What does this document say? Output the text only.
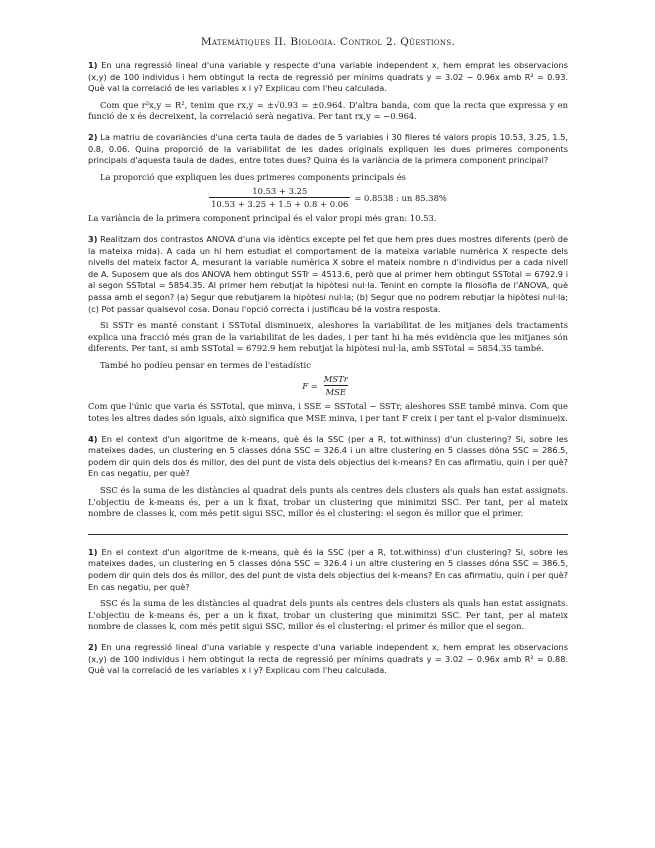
Matemàtiques II. Biologia. Control 2. Qüestions.

1) En una regressió lineal d'una variable y respecte d'una variable independent x, hem emprat les observacions (x,y) de 100 individus i hem obtingut la recta de regressió per mínims quadrats y = 3.02 − 0.96x amb R² = 0.93. Què val la correlació de les variables x i y? Explicau com l'heu calculada.

Com que r²x,y = R², tenim que rx,y = ±√0.93 = ±0.964. D'altra banda, com que la recta que expressa y en funció de x és decreixent, la correlació serà negativa. Per tant rx,y = −0.964.

2) La matriu de covariàncies d'una certa taula de dades de 5 variables i 30 fileres té valors propis 10.53, 3.25, 1.5, 0.8, 0.06. Quina proporció de la variabilitat de les dades originals expliquen les dues primeres components principals d'aquesta taula de dades, entre totes dues? Quina és la variància de la primera component principal?

La proporció que expliquen les dues primeres components principals és

$\frac{10.53 + 3.25}{10.53 + 3.25 + 1.5 + 0.8 + 0.06} = 0.8538$ : un 85.38%

La variància de la primera component principal és el valor propi més gran: 10.53.

3) Realitzam dos contrastos ANOVA d'una via idèntics excepte pel fet que hem pres dues mostres diferents (però de la mateixa mida). A cada un hi hem estudiat el comportament de la mateixa variable numèrica X respecte dels nivells del mateix factor A, mesurant la variable numèrica X sobre el mateix nombre n d'individus per a cada nivell de A. Suposem que als dos ANOVA hem obtingut SSTr = 4513.6, però que al primer hem obtingut SSTotal = 6792.9 i al segon SSTotal = 5854.35. Al primer hem rebutjat la hipòtesi nul·la. Tenint en compte la filosofia de l'ANOVA, què passa amb el segon? (a) Segur que rebutjarem la hipòtesi nul·la; (b) Segur que no podrem rebutjar la hipòtesi nul·la; (c) Pot passar qualsevol cosa. Donau l'opció correcta i justificau bé la vostra resposta.

Si SSTr es manté constant i SSTotal disminueix, aleshores la variabilitat de les mitjanes dels tractaments explica una fracció més gran de la variabilitat de les dades, i per tant hi ha més evidència que les mitjanes són diferents. Per tant, si amb SSTotal = 6792.9 hem rebutjat la hipòtesi nul·la, amb SSTotal = 5854.35 també.

També ho podíeu pensar en termes de l'estadístic

$F = \frac{\text{MSTr}}{\text{MSE}}$

Com que l'únic que varia és SSTotal, que minva, i SSE = SSTotal − SSTr, aleshores SSE també minva. Com que totes les altres dades són iguals, això significa que MSE minva, i per tant F creix i per tant el p-valor disminueix.

4) En el context d'un algoritme de k-means, què és la SSC (per a R, tot.withinss) d'un clustering? Si, sobre les mateixes dades, un clustering en 5 classes dóna SSC = 326.4 i un altre clustering en 5 classes dóna SSC = 286.5, podem dir quin dels dos és millor, des del punt de vista dels objectius del k-means? En cas afirmatiu, quin i per què? En cas negatiu, per què?

SSC és la suma de les distàncies al quadrat dels punts als centres dels clusters als quals han estat assignats. L'objectiu de k-means és, per a un k fixat, trobar un clustering que minimitzi SSC. Per tant, per al mateix nombre de classes k, com més petit sigui SSC, millor és el clustering: el segon és millor que el primer.

1) En el context d'un algoritme de k-means, què és la SSC (per a R, tot.withinss) d'un clustering? Si, sobre les mateixes dades, un clustering en 5 classes dóna SSC = 326.4 i un altre clustering en 5 classes dóna SSC = 386.5, podem dir quin dels dos és millor, des del punt de vista dels objectius del k-means? En cas afirmatiu, quin i per què? En cas negatiu, per què?

SSC és la suma de les distàncies al quadrat dels punts als centres dels clusters als quals han estat assignats. L'objectiu de k-means és, per a un k fixat, trobar un clustering que minimitzi SSC. Per tant, per al mateix nombre de classes k, com més petit sigui SSC, millor és el clustering: el primer és millor que el segon.

2) En una regressió lineal d'una variable y respecte d'una variable independent x, hem emprat les observacions (x,y) de 100 individus i hem obtingut la recta de regressió per mínims quadrats y = 3.02 − 0.96x amb R² = 0.88. Què val la correlació de les variables x i y? Explicau com l'heu calculada.
